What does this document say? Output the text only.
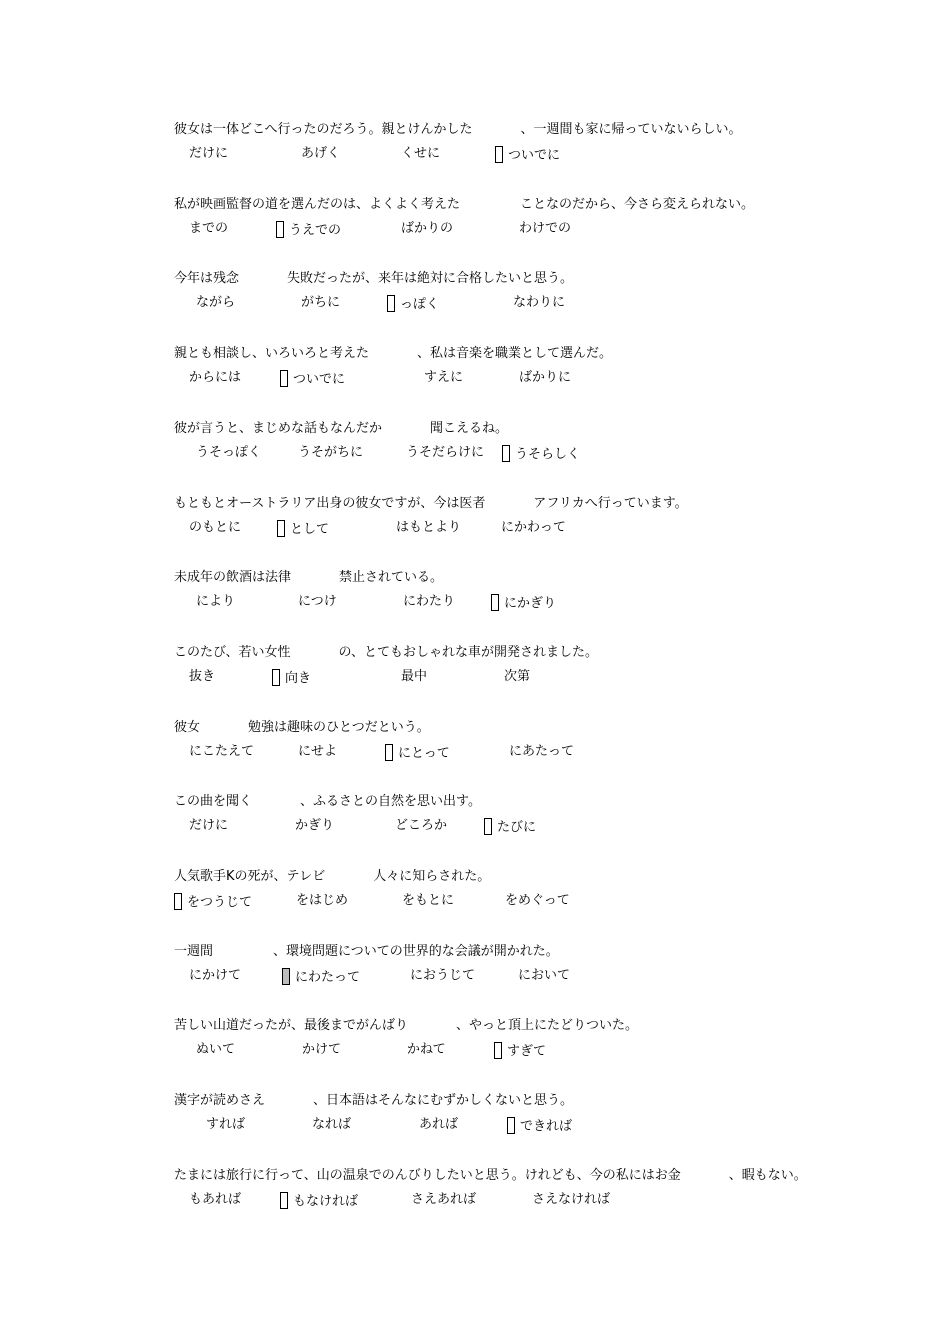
彼女は一体どこへ行ったのだろう。親とけんかした	、一週間も家に帰っていないらしい。
だけに	あげく	くせに	ついでに
私が映画監督の道を選んだのは、よくよく考えた	ことなのだから、今さら変えられない。
までの	うえでの	ばかりの	わけでの
今年は残念	失敗だったが、来年は絶対に合格したいと思う。
ながら	がちに	っぽく	なわりに
親とも相談し、いろいろと考えた	、私は音楽を職業として選んだ。
からには	ついでに	すえに	ばかりに
彼が言うと、まじめな話もなんだか	聞こえるね。
うそっぽく	うそがちに	うそだらけに	うそらしく
もともとオーストラリア出身の彼女ですが、今は医者	アフリカへ行っています。
のもとに	として	はもとより	にかわって
未成年の飲酒は法律	禁止されている。
により	につけ	にわたり	にかぎり
このたび、若い女性	の、とてもおしゃれな車が開発されました。
抜き	向き	最中	次第
彼女	勉強は趣味のひとつだという。
にこたえて	にせよ	にとって	にあたって
この曲を聞く	、ふるさとの自然を思い出す。
だけに	かぎり	どころか	たびに
人気歌手Kの死が、テレビ	人々に知らされた。
をつうじて	をはじめ	をもとに	をめぐって
一週間	、環境問題についての世界的な会議が開かれた。
にかけて	にわたって	におうじて	において
苦しい山道だったが、最後までがんばり	、やっと頂上にたどりついた。
ぬいて	かけて	かねて	すぎて
漢字が読めさえ	、日本語はそんなにむずかしくないと思う。
すれば	なれば	あれば	できれば
たまには旅行に行って、山の温泉でのんびりしたいと思う。けれども、今の私にはお金	、暇もない。
もあれば	もなければ	さえあれば	さえなければ
